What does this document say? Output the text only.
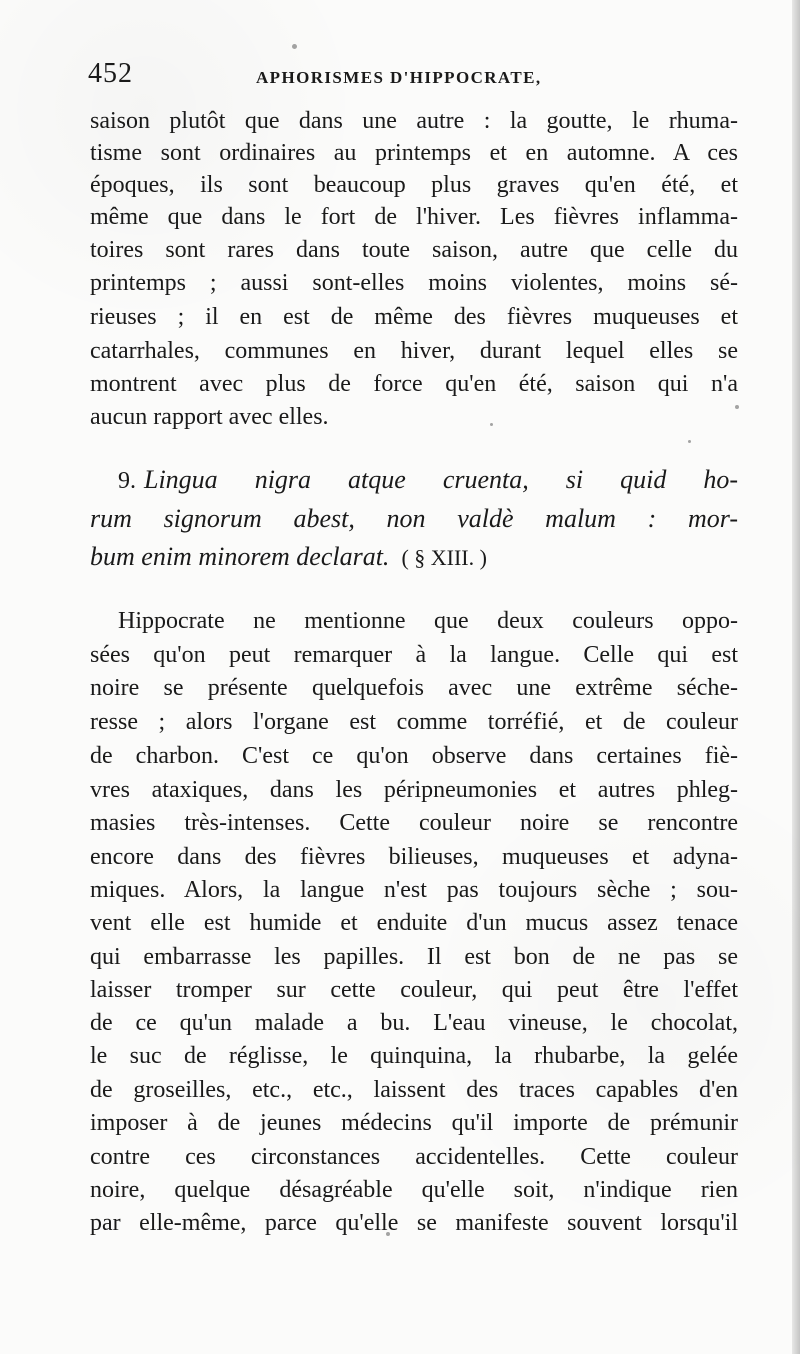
452	APHORISMES D'HIPPOCRATE,
saison plutôt que dans une autre : la goutte, le rhuma-
tisme sont ordinaires au printemps et en automne. A ces
époques, ils sont beaucoup plus graves qu'en été, et
même que dans le fort de l'hiver. Les fièvres inflamma-
toires sont rares dans toute saison, autre que celle du
printemps ; aussi sont-elles moins violentes, moins sé-
rieuses ; il en est de même des fièvres muqueuses et
catarrhales, communes en hiver, durant lequel elles se
montrent avec plus de force qu'en été, saison qui n'a
aucun rapport avec elles.
9. Lingua nigra atque cruenta, si quid ho-
rum signorum abest, non valdè malum : mor-
bum enim minorem declarat. ( § XIII. )
Hippocrate ne mentionne que deux couleurs oppo-
sées qu'on peut remarquer à la langue. Celle qui est
noire se présente quelquefois avec une extrême séche-
resse ; alors l'organe est comme torréfié, et de couleur
de charbon. C'est ce qu'on observe dans certaines fiè-
vres ataxiques, dans les péripneumonies et autres phleg-
masies très-intenses. Cette couleur noire se rencontre
encore dans des fièvres bilieuses, muqueuses et adyna-
miques. Alors, la langue n'est pas toujours sèche ; sou-
vent elle est humide et enduite d'un mucus assez tenace
qui embarrasse les papilles. Il est bon de ne pas se
laisser tromper sur cette couleur, qui peut être l'effet
de ce qu'un malade a bu. L'eau vineuse, le chocolat,
le suc de réglisse, le quinquina, la rhubarbe, la gelée
de groseilles, etc., etc., laissent des traces capables d'en
imposer à de jeunes médecins qu'il importe de prémunir
contre ces circonstances accidentelles. Cette couleur
noire, quelque désagréable qu'elle soit, n'indique rien
par elle-même, parce qu'elle se manifeste souvent lorsqu'il
